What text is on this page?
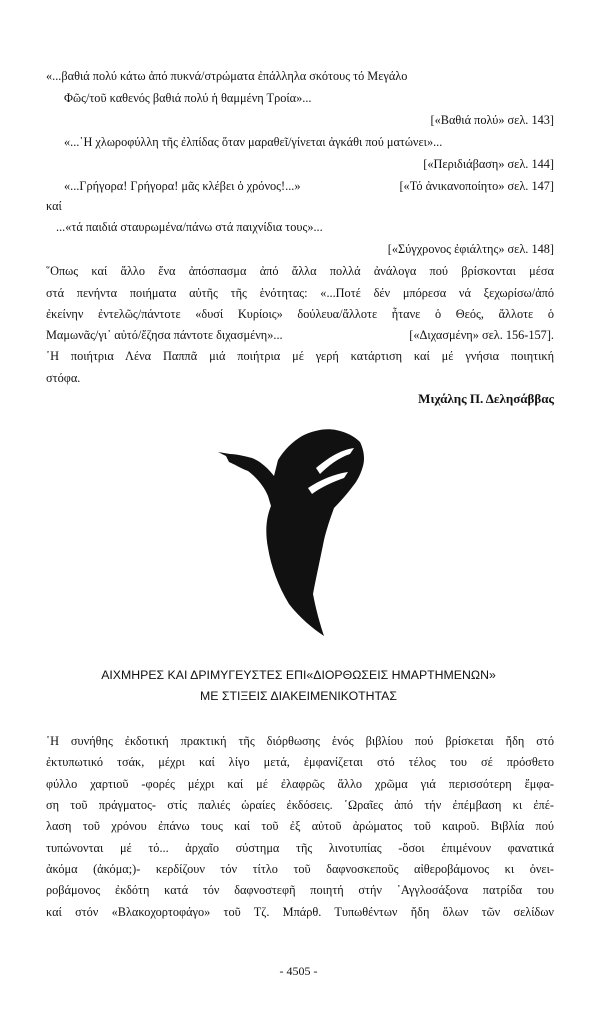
«...βαθιά πολύ κάτω ἀπό πυκνά/στρώματα ἐπάλληλα σκότους τό Μεγάλο
Φῶς/τοῦ καθενός βαθιά πολύ ἡ θαμμένη Τροία»...
[«Βαθιά πολύ» σελ. 143]
«...῾Η χλωροφύλλη τῆς ἐλπίδας ὅταν μαραθεῖ/γίνεται ἀγκάθι πού ματώνει»...
[«Περιδιάβαση» σελ. 144]
«...Γρήγορα! Γρήγορα! μᾶς κλέβει ὁ χρόνος!...»	[«Τό ἀνικανοποίητο» σελ. 147]
καί
...«τά παιδιά σταυρωμένα/πάνω στά παιχνίδια τους»...
[«Σύγχρονος ἐφιάλτης» σελ. 148]
῞Οπως καί ἄλλο ἕνα ἀπόσπασμα ἀπό ἄλλα πολλά ἀνάλογα πού βρίσκονται μέσα
στά πενήντα ποιήματα αὐτῆς τῆς ἑνότητας: «...Ποτέ δέν μπόρεσα νά ξεχωρίσω/ἀπό
ἐκείνην ἐντελῶς/πάντοτε «δυσί Κυρίοις» δούλευα/ἄλλοτε ἦτανε ὁ Θεός, ἄλλοτε ὁ
Μαμωνᾶς/γι᾽ αὐτό/ἔζησα πάντοτε διχασμένη»...	[«Διχασμένη» σελ. 156-157].
῾Η ποιήτρια Λένα Παππᾶ μιά ποιήτρια μέ γερή κατάρτιση καί μέ γνήσια ποιητική
στόφα.
Μιχάλης Π. Δελησάββας
ΑΙΧΜΗΡΕΣ ΚΑΙ ΔΡΙΜΥΓΕΥΣΤΕΣ ΕΠΙ«ΔΙΟΡΘΩΣΕΙΣ ΗΜΑΡΤΗΜΕΝΩΝ»
ΜΕ ΣΤΙΞΕΙΣ ΔΙΑΚΕΙΜΕΝΙΚΟΤΗΤΑΣ
῾Η συνήθης ἐκδοτική πρακτική τῆς διόρθωσης ἑνός βιβλίου πού βρίσκεται ἤδη στό
ἐκτυπωτικό τσάκ, μέχρι καί λίγο μετά, ἐμφανίζεται στό τέλος του σέ πρόσθετο
φύλλο χαρτιοῦ -φορές μέχρι καί μέ ἐλαφρῶς ἄλλο χρῶμα γιά περισσότερη ἔμφα-
ση τοῦ πράγματος- στίς παλιές ὡραίες ἐκδόσεις. ῾Ωραῖες ἀπό τήν ἐπέμβαση κι ἐπέ-
λαση τοῦ χρόνου ἐπάνω τους καί τοῦ ἐξ αὐτοῦ ἀρώματος τοῦ καιροῦ. Βιβλία πού
τυπώνονται μέ τό... ἀρχαῖο σύστημα τῆς λινοτυπίας -ὅσοι ἐπιμένουν φανατικά
ἀκόμα (ἀκόμα;)- κερδίζουν τόν τίτλο τοῦ δαφνοσκεποῦς αἰθεροβάμονος κι ὀνει-
ροβάμονος ἐκδότη κατά τόν δαφνοστεφῆ ποιητή στήν ᾿Αγγλοσάξονα πατρίδα του
καί στόν «Βλακοχορτοφάγο» τοῦ Τζ. Μπάρθ. Τυπωθέντων ἤδη ὅλων τῶν σελίδων
- 4505 -
